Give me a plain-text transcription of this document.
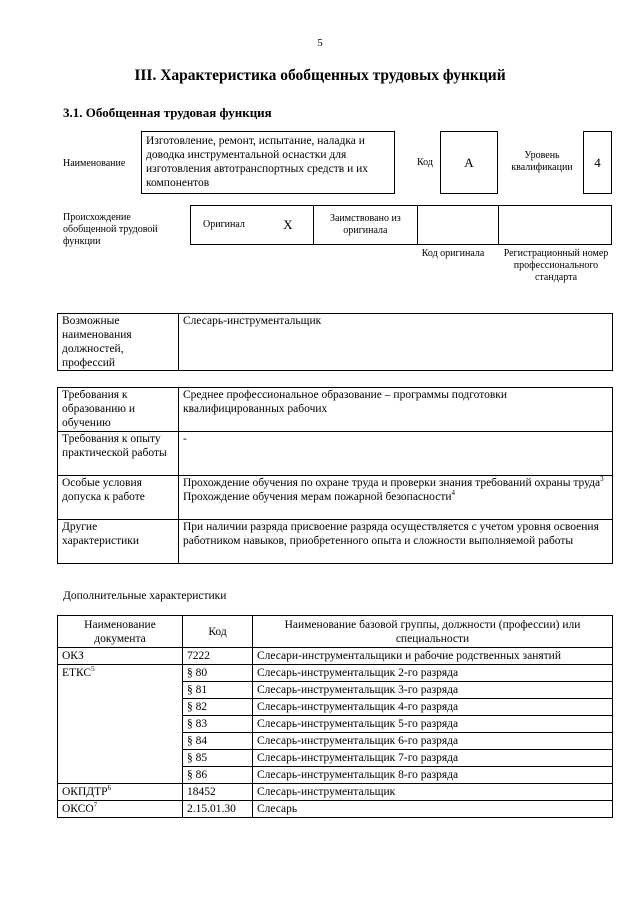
5
III. Характеристика обобщенных трудовых функций
3.1. Обобщенная трудовая функция
Наименование
Изготовление, ремонт, испытание, наладка и доводка инструментальной оснастки для изготовления автотранспортных средств и их компонентов
Код A	Уровень квалификации	4
Происхождение обобщенной трудовой функции
Оригинал	X	Заимствовано из оригинала		
Код оригинала	Регистрационный номер профессионального стандарта
Возможные наименования должностей, профессий	Слесарь-инструментальщик
Требования к образованию и обучению	Среднее профессиональное образование – программы подготовки квалифицированных рабочих
Требования к опыту практической работы	-
Особые условия допуска к работе	Прохождение обучения по охране труда и проверки знания требований охраны труда$^3$
Прохождение обучения мерам пожарной безопасности$^4$
Другие характеристики	При наличии разряда присвоение разряда осуществляется с учетом уровня освоения работником навыков, приобретенного опыта и сложности выполняемой работы
Дополнительные характеристики
Наименование документа	Код	Наименование базовой группы, должности (профессии) или специальности
ОКЗ	7222	Слесари-инструментальщики и рабочие родственных занятий
ЕТКС$^5$	§ 80	Слесарь-инструментальщик 2-го разряда
	§ 81	Слесарь-инструментальщик 3-го разряда
	§ 82	Слесарь-инструментальщик 4-го разряда
	§ 83	Слесарь-инструментальщик 5-го разряда
	§ 84	Слесарь-инструментальщик 6-го разряда
	§ 85	Слесарь-инструментальщик 7-го разряда
	§ 86	Слесарь-инструментальщик 8-го разряда
ОКПДТР$^6$	18452	Слесарь-инструментальщик
ОКСО$^7$	2.15.01.30	Слесарь
